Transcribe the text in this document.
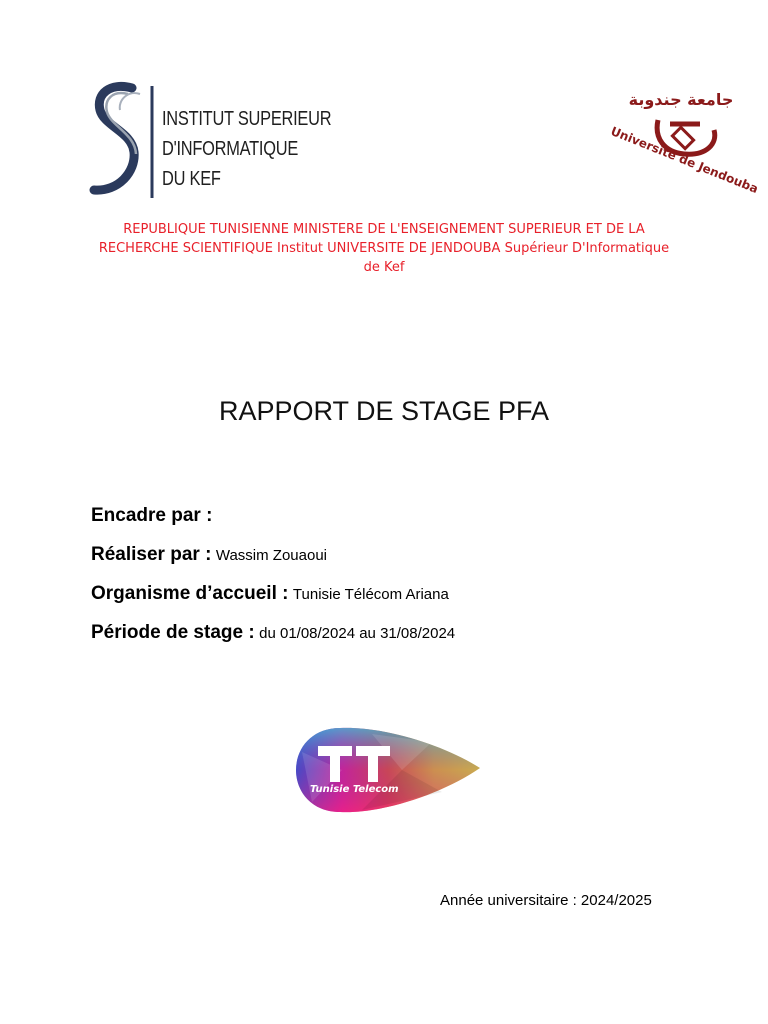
INSTITUT SUPERIEUR
D'INFORMATIQUE
DU KEF
جامعة جندوبة
Université de Jendouba
REPUBLIQUE TUNISIENNE MINISTERE DE L'ENSEIGNEMENT SUPERIEUR ET DE LA RECHERCHE SCIENTIFIQUE Institut UNIVERSITE DE JENDOUBA Supérieur D'Informatique de Kef
RAPPORT DE STAGE PFA
Encadre par :
Réaliser par : Wassim Zouaoui
Organisme d’accueil : Tunisie Télécom Ariana
Période de stage : du 01/08/2024 au 31/08/2024
Tunisie Telecom
Année universitaire : 2024/2025
